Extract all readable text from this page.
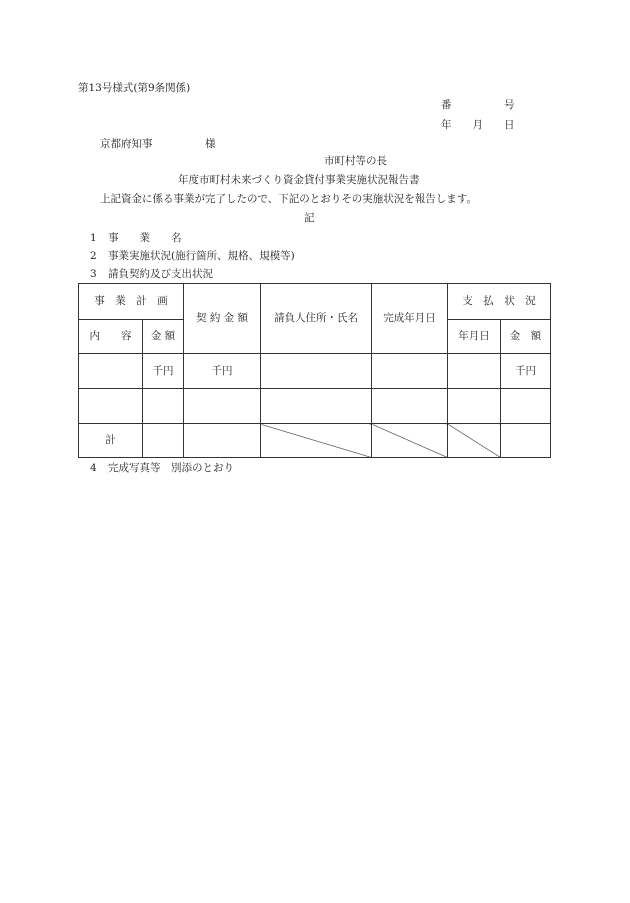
第13号様式(第9条関係)
番　　　　　号
年　　月　　日
京都府知事　　　　　様
市町村等の長
年度市町村未来づくり資金貸付事業実施状況報告書
上記資金に係る事業が完了したので、下記のとおりその実施状況を報告します。
記
1 事　　業　　名
2 事業実施状況(施行箇所、規格、規模等)
3 請負契約及び支出状況
事　業　計　画		契 約 金 額	請負人住所・氏名	完成年月日	支　払　状　況	
内　　容	金 額				年月日	金　額
	千円	千円				千円

計						
4 完成写真等　別添のとおり
